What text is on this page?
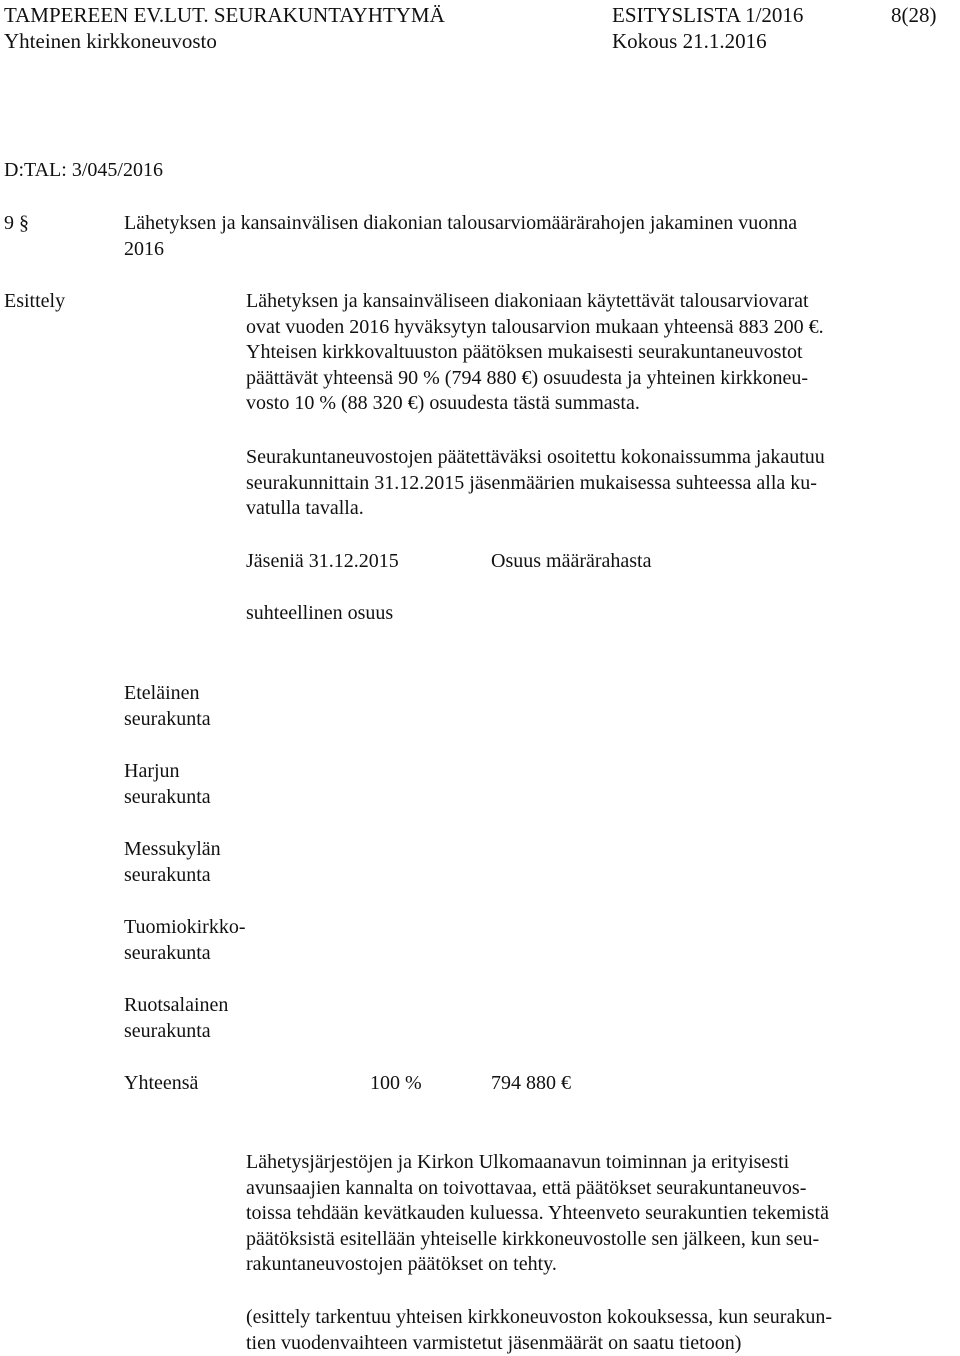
TAMPEREEN EV.LUT. SEURAKUNTAYHTYMÄ	ESITYSLISTA 1/2016	8(28)
Yhteinen kirkkoneuvosto	Kokous 21.1.2016
D:TAL: 3/045/2016
9 §	Lähetyksen ja kansainvälisen diakonian talousarviomäärärahojen jakaminen vuonna
2016
Esittely	Lähetyksen ja kansainväliseen diakoniaan käytettävät talousarviovarat
ovat vuoden 2016 hyväksytyn talousarvion mukaan yhteensä 883 200 €.
Yhteisen kirkkovaltuuston päätöksen mukaisesti seurakuntaneuvostot
päättävät yhteensä 90 % (794 880 €) osuudesta ja yhteinen kirkkoneu-
vosto 10 % (88 320 €) osuudesta tästä summasta.
Seurakuntaneuvostojen päätettäväksi osoitettu kokonaissumma jakautuu
seurakunnittain 31.12.2015 jäsenmäärien mukaisessa suhteessa alla ku-
vatulla tavalla.
Jäseniä 31.12.2015	Osuus määrärahasta
suhteellinen osuus
Eteläinen
seurakunta
Harjun
seurakunta
Messukylän
seurakunta
Tuomiokirkko-
seurakunta
Ruotsalainen
seurakunta
Yhteensä	100 %	794 880 €
Lähetysjärjestöjen ja Kirkon Ulkomaanavun toiminnan ja erityisesti
avunsaajien kannalta on toivottavaa, että päätökset seurakuntaneuvos-
toissa tehdään kevätkauden kuluessa. Yhteenveto seurakuntien tekemistä
päätöksistä esitellään yhteiselle kirkkoneuvostolle sen jälkeen, kun seu-
rakuntaneuvostojen päätökset on tehty.
(esittely tarkentuu yhteisen kirkkoneuvoston kokouksessa, kun seurakun-
tien vuodenvaihteen varmistetut jäsenmäärät on saatu tietoon)
